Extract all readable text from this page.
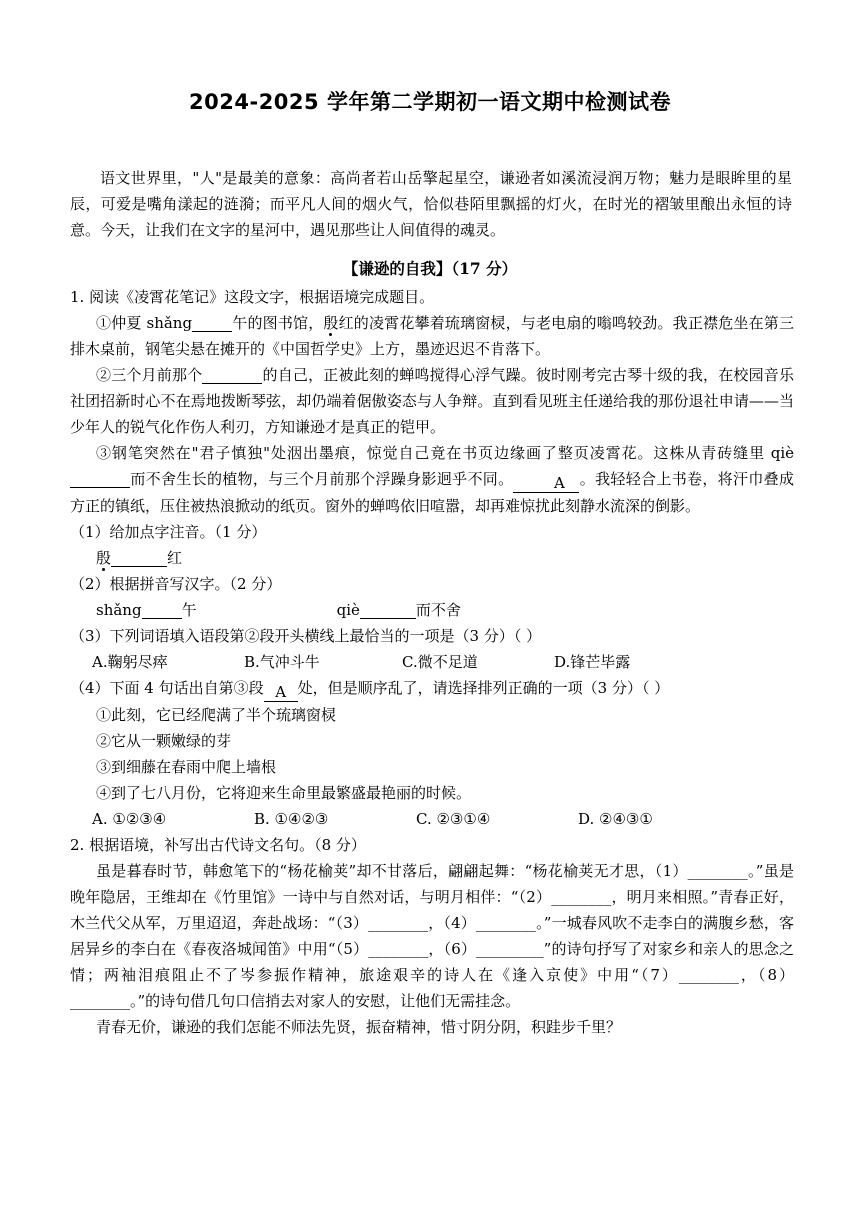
2024-2025 学年第二学期初一语文期中检测试卷

语文世界里，"人"是最美的意象：高尚者若山岳擎起星空，谦逊者如溪流浸润万物；魅力是眼眸里的星辰，可爱是嘴角漾起的涟漪；而平凡人间的烟火气，恰似巷陌里飘摇的灯火，在时光的褶皱里酿出永恒的诗意。今天，让我们在文字的星河中，遇见那些让人间值得的魂灵。

【谦逊的自我】（17 分）

1. 阅读《凌霄花笔记》这段文字，根据语境完成题目。

①仲夏 shǎng	午的图书馆，殷红的凌霄花攀着琉璃窗棂，与老电扇的嗡鸣较劲。我正襟危坐在第三排木桌前，钢笔尖悬在摊开的《中国哲学史》上方，墨迹迟迟不肯落下。

②三个月前那个	的自己，正被此刻的蝉鸣搅得心浮气躁。彼时刚考完古琴十级的我，在校园音乐社团招新时心不在焉地拨断琴弦，却仍端着倨傲姿态与人争辩。直到看见班主任递给我的那份退社申请——当少年人的锐气化作伤人利刃，方知谦逊才是真正的铠甲。

③钢笔突然在"君子慎独"处洇出墨痕，惊觉自己竟在书页边缘画了整页凌霄花。这株从青砖缝里 qiè而不舍生长的植物，与三个月前那个浮躁身影迥乎不同。	A 。我轻轻合上书卷，将汗巾叠成方正的镇纸，压住被热浪掀动的纸页。窗外的蝉鸣依旧喧嚣，却再难惊扰此刻静水流深的倒影。

（1）给加点字注音。（1 分）

殷	红

（2）根据拼音写汉字。（2 分）

shǎng	午	qiè	而不舍

（3）下列词语填入语段第②段开头横线上最恰当的一项是（3 分）（ ）

A.鞠躬尽瘁	B.气冲斗牛	C.微不足道	D.锋芒毕露

（4）下面 4 句话出自第③段 A 处，但是顺序乱了，请选择排列正确的一项（3 分）（ ）

①此刻，它已经爬满了半个琉璃窗棂

②它从一颗嫩绿的芽

③到细藤在春雨中爬上墙根

④到了七八月份，它将迎来生命里最繁盛最艳丽的时候。

A. ①②③④	B. ①④②③	C. ②③①④	D. ②④③①

2. 根据语境，补写出古代诗文名句。（8 分）

虽是暮春时节，韩愈笔下的“杨花榆荚”却不甘落后，翩翩起舞：“杨花榆荚无才思，（1）________。”虽是晚年隐居，王维却在《竹里馆》一诗中与自然对话，与明月相伴：“（2）________，明月来相照。”青春正好，木兰代父从军，万里迢迢，奔赴战场：“（3）________，（4）________。”一城春风吹不走李白的满腹乡愁，客居异乡的李白在《春夜洛城闻笛》中用“（5）________，（6）_________”的诗句抒写了对家乡和亲人的思念之情；两袖泪痕阻止不了岑参振作精神，旅途艰辛的诗人在《逢入京使》中用“（7）________，（8）________。”的诗句借几句口信捎去对家人的安慰，让他们无需挂念。

青春无价，谦逊的我们怎能不师法先贤，振奋精神，惜寸阴分阴，积跬步千里？
